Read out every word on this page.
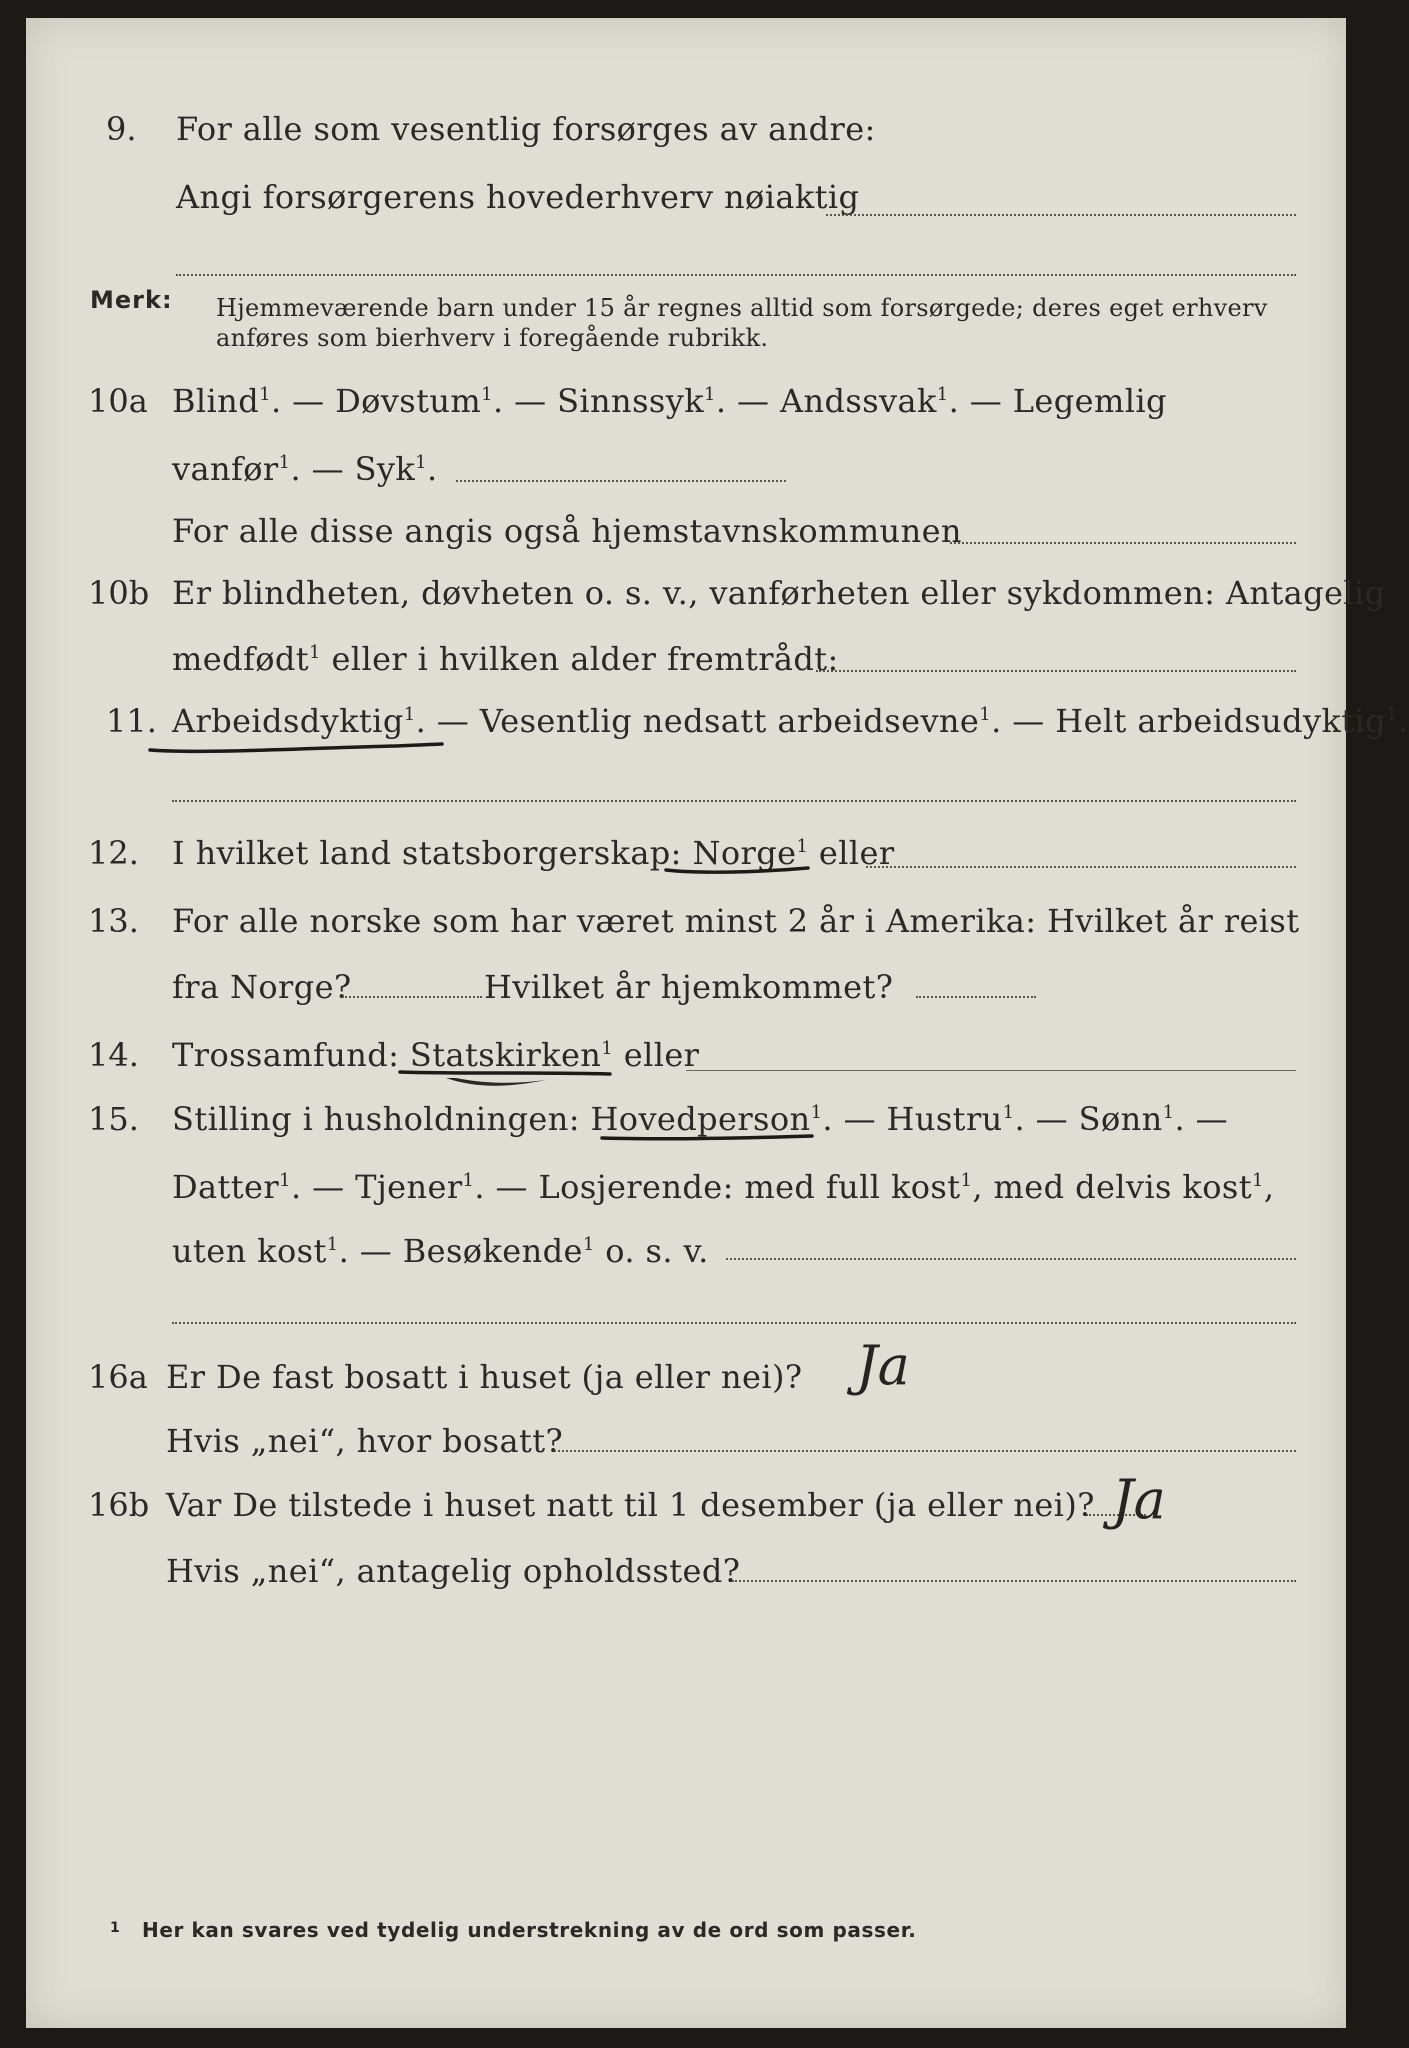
9. For alle som vesentlig forsørges av andre:
Angi forsørgerens hovederhverv nøiaktig
Merk: Hjemmeværende barn under 15 år regnes alltid som forsørgede; deres eget erhverv
anføres som bierhverv i foregående rubrikk.
10a Blind$^1$. — Døvstum$^1$. — Sinnssyk$^1$. — Andssvak$^1$. — Legemlig
vanfør$^1$. — Syk$^1$.
For alle disse angis også hjemstavnskommunen
10b Er blindheten, døvheten o. s. v., vanførheten eller sykdommen: Antagelig
medfødt$^1$ eller i hvilken alder fremtrådt:
11. Arbeidsdyktig$^1$. — Vesentlig nedsatt arbeidsevne$^1$. — Helt arbeidsudyktig$^1$.
12. I hvilket land statsborgerskap: Norge$^1$ eller
13. For alle norske som har været minst 2 år i Amerika: Hvilket år reist
fra Norge?	Hvilket år hjemkommet?
14. Trossamfund: Statskirken$^1$ eller
15. Stilling i husholdningen: Hovedperson$^1$. — Hustru$^1$. — Sønn$^1$. —
Datter$^1$. — Tjener$^1$. — Losjerende: med full kost$^1$, med delvis kost$^1$,
uten kost$^1$. — Besøkende$^1$ o. s. v.
16a Er De fast bosatt i huset (ja eller nei)? Ja
Hvis „nei“, hvor bosatt?
16b Var De tilstede i huset natt til 1 desember (ja eller nei)? Ja
Hvis „nei“, antagelig opholdssted?
1 Her kan svares ved tydelig understrekning av de ord som passer.
